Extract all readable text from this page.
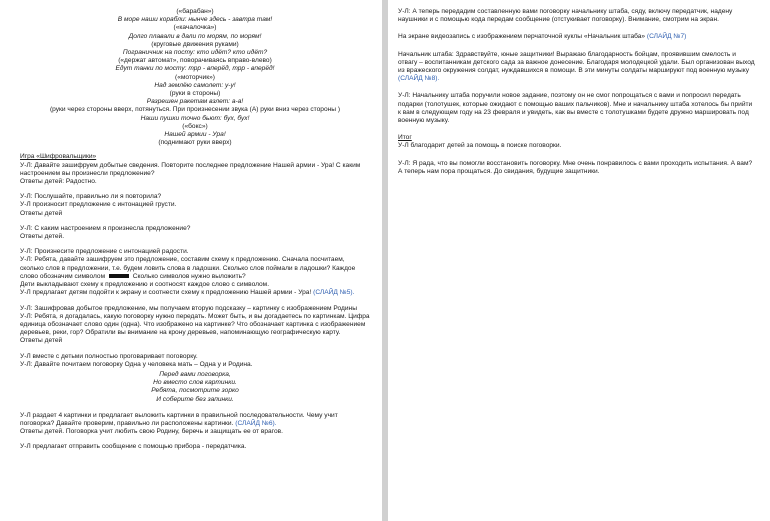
(«барабан»)

В море наши корабли: нынче здесь - завтра там!

(«качалочка»)

Долго плавали в дали по морям, по морям!

(круговые движения руками)

Пограничник на посту: кто идёт? кто идёт?

(«держат автомат», поворачиваясь вправо-влево)

Едут танки по мосту: трр - вперёд, трр - вперёд!

(«моторчик»)

Над землёю самолет: у-у!

(руки в стороны)

Разрешен ракетам взлет: а-а!

(руки через стороны вверх, потянуться. При произнесении звука (А) руки вниз через стороны )

Наши пушки точно бьют: бух, бух!

(«бокс»)

Нашей армии - Ура!

(поднимают руки вверх)

Игра «Шифровальщики»

У-Л: Давайте зашифруем добытые сведения. Повторите последнее предложение Нашей армии - Ура! С каким настроением вы произнесли предложение?

Ответы детей: Радостно.

У-Л: Послушайте, правильно ли я повторила?

У-Л произносит предложение с интонацией грусти.

Ответы детей

У-Л: С каким настроением я произнесла предложение?

Ответы детей.

У-Л: Произнесите предложение с интонацией радости.

У-Л: Ребята, давайте зашифруем это предложение, составим схему к предложению. Сначала посчитаем, сколько слов в предложении, т.е. будем ловить слова в ладошки. Сколько слов поймали в ладошки? Каждое слово обозначим символом	Сколько символов нужно выложить?

Дети выкладывают схему к предложению и соотносят каждое слово с символом.

У-Л предлагает детям подойти к экрану и соотнести схему к предложению Нашей армии - Ура! (СЛАЙД №5).

У-Л: Зашифровав добытое предложение, мы получаем вторую подсказку – картинку с изображением Родины

У-Л: Ребята, я догадалась, какую поговорку нужно передать. Может быть, и вы догадаетесь по картинкам. Цифра единица обозначает слово один (одна). Что изображено на картинке? Что обозначает картинка с изображением деревьев, реки, гор? Обратили вы внимание на крону деревьев, напоминающую географическую карту.

Ответы детей

У-Л вместе с детьми полностью проговаривает поговорку.

У-Л: Давайте почитаем поговорку Одна у человека мать – Одна у и Родина.

Перед вами поговорка,

Но вместо слов картинки.

Ребята, посмотрите зорко

И соберите без запинки.

У-Л раздает 4 картинки и предлагает выложить картинки в правильной последовательности. Чему учит поговорка? Давайте проверим, правильно ли расположены картинки. (СЛАЙД №6).

Ответы детей. Поговорка учит любить свою Родину, беречь и защищать ее от врагов.

У-Л предлагает отправить сообщение с помощью прибора - передатчика.

У-Л: А теперь передадим составленную вами поговорку начальнику штаба, сяду, включу передатчик, надену наушники и с помощью кода передам сообщение (отстукивает поговорку). Внимание, смотрим на экран.

На экране видеозапись с изображением перчаточной куклы «Начальник штаба» (СЛАЙД №7)

Начальник штаба: Здравствуйте, юные защитники! Выражаю благодарность бойцам, проявившим смелость и отвагу – воспитанникам детского сада за важное донесение. Благодаря молодецкой удали. Был организован выход из вражеского окружения солдат, нуждавшихся в помощи. В эти минуты солдаты маршируют под военную музыку (СЛАЙД №8).

У-Л: Начальнику штаба поручили новое задание, поэтому он не смог попрощаться с вами и попросил передать подарки (толотушек, которые ожидают с помощью ваших пальчиков). Мне и начальнику штаба хотелось бы прийти к вам в следующем году на 23 февраля и увидеть, как вы вместе с толотушками будете дружно маршировать под военную музыку.

Итог

У-Л благодарит детей за помощь в поиске поговорки.

У-Л: Я рада, что вы помогли восстановить поговорку. Мне очень понравилось с вами проходить испытания. А вам? А теперь нам пора прощаться. До свидания, будущие защитники.
